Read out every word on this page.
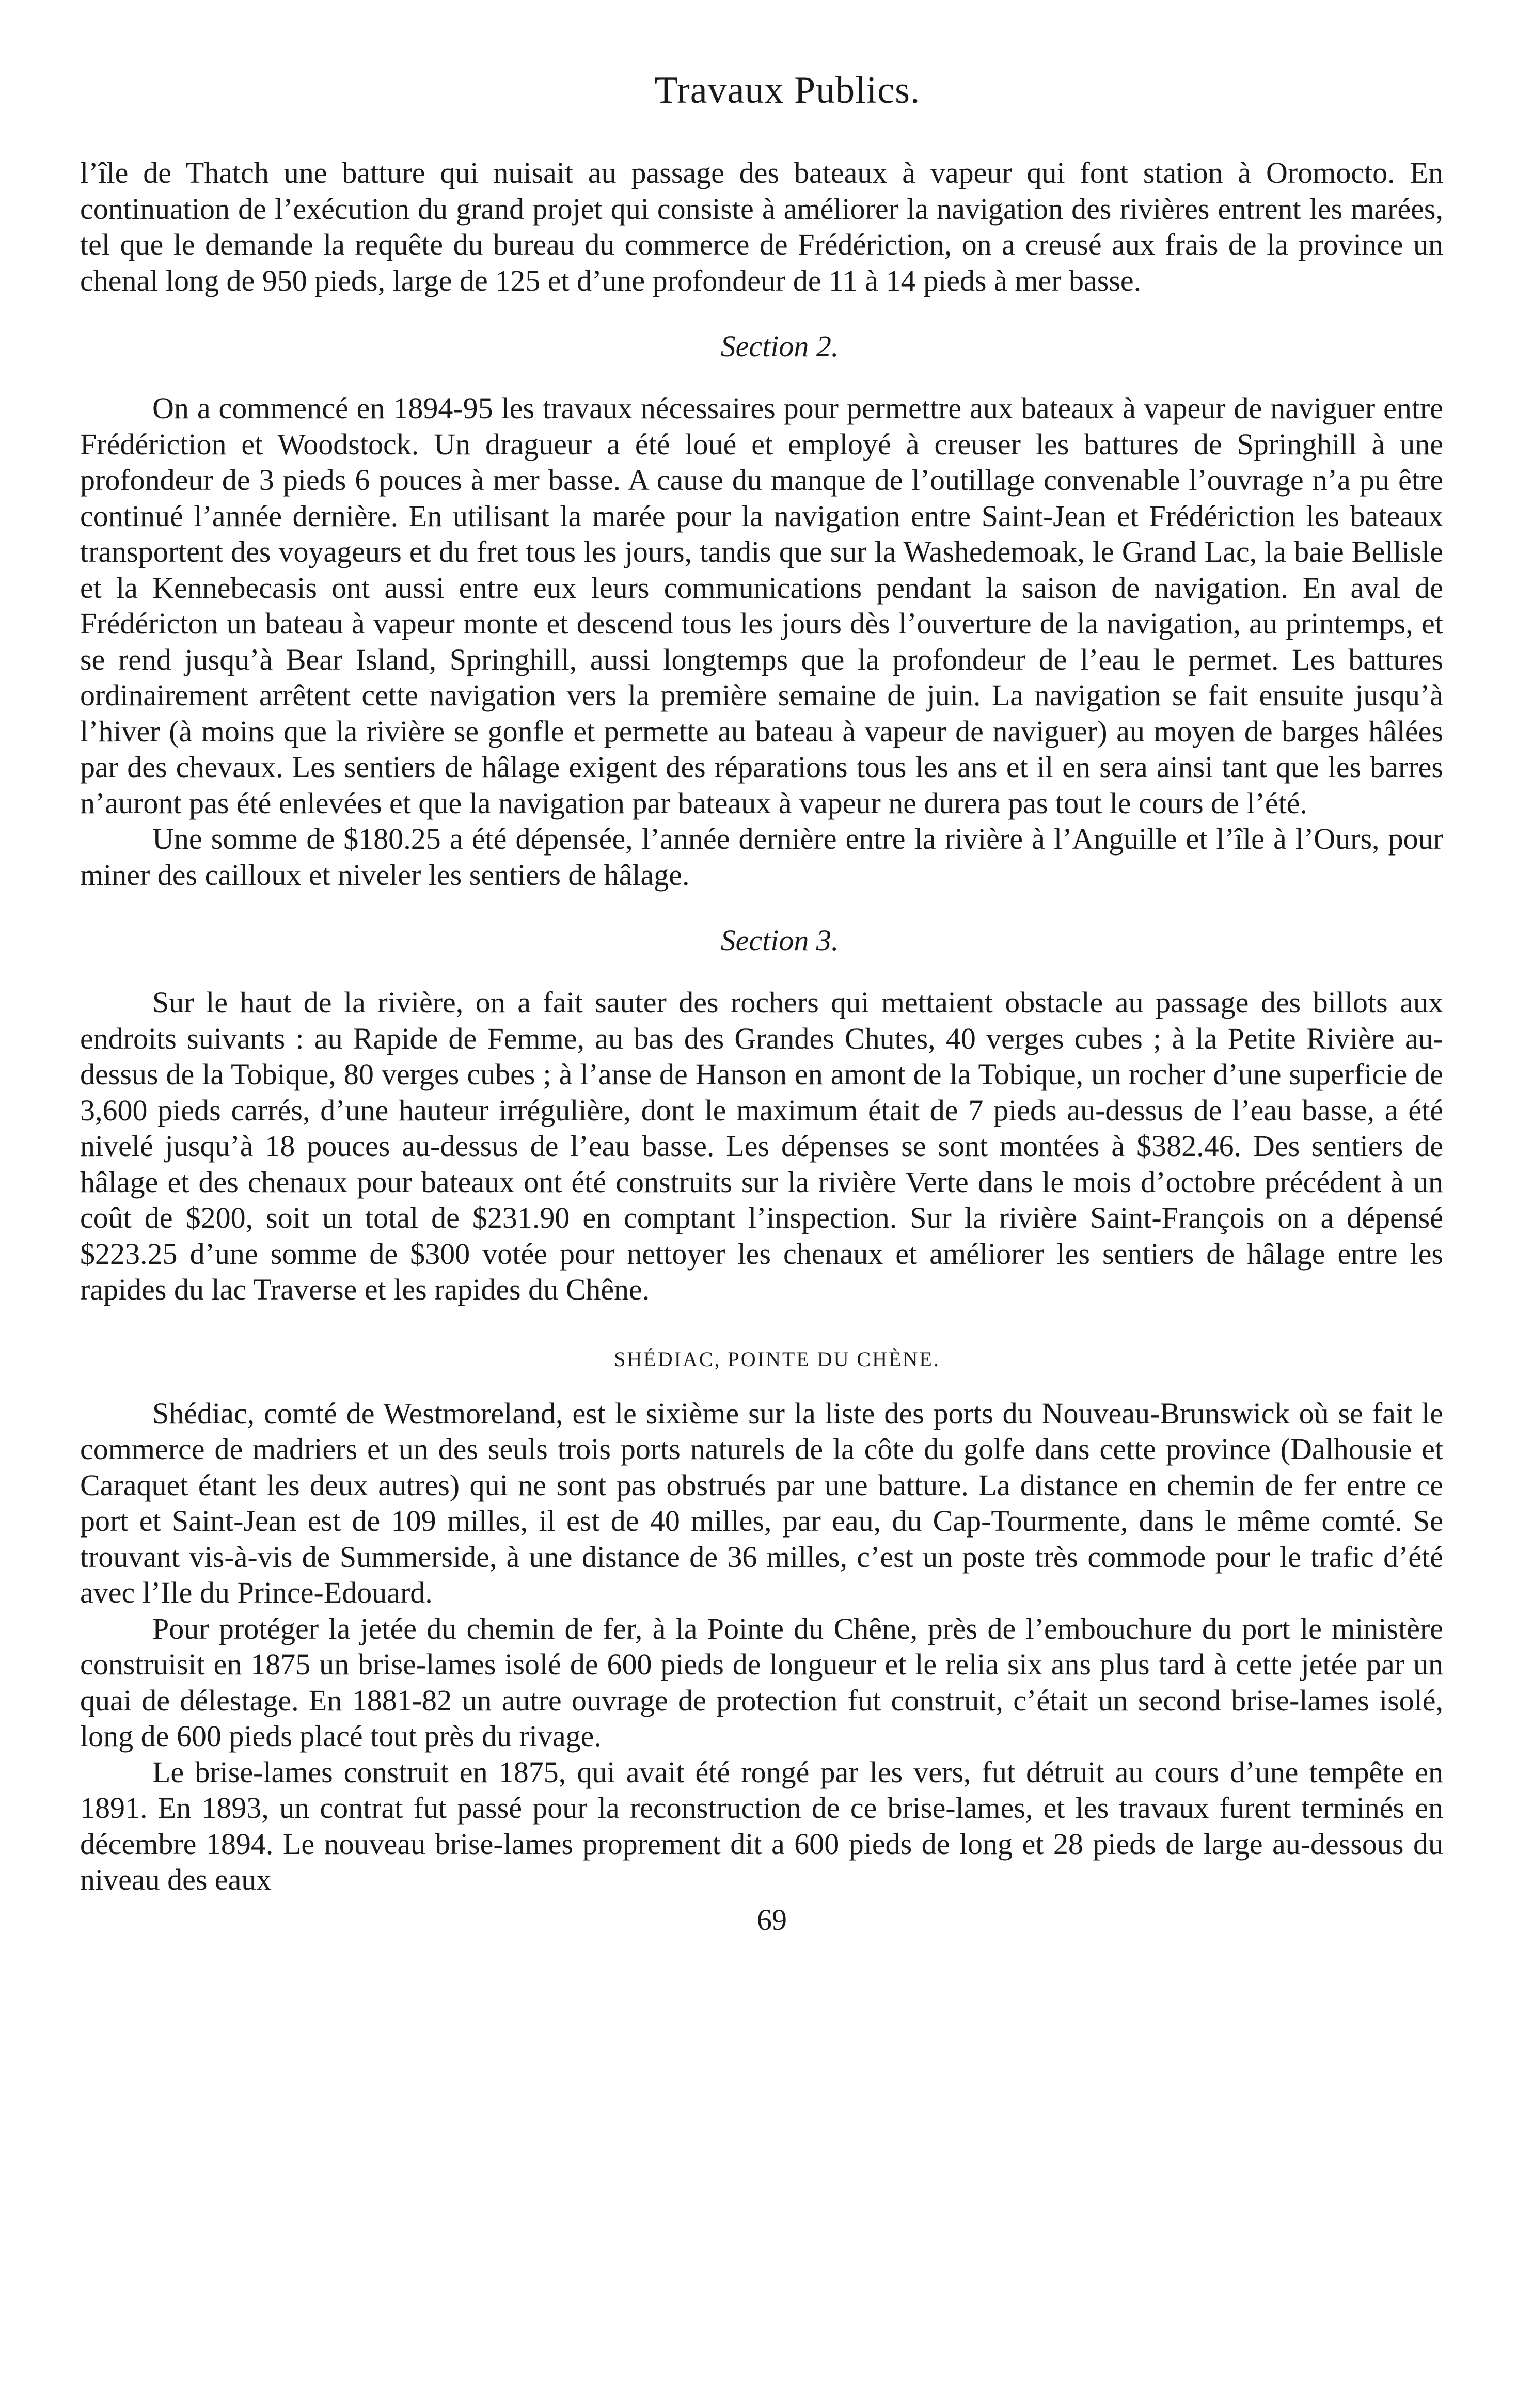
Travaux Publics.

l’île de Thatch une batture qui nuisait au passage des bateaux à vapeur qui font station à Oromocto. En continuation de l’exécution du grand projet qui consiste à améliorer la navigation des rivières entrent les marées, tel que le demande la requête du bureau du commerce de Frédériction, on a creusé aux frais de la province un chenal long de 950 pieds, large de 125 et d’une profondeur de 11 à 14 pieds à mer basse.

Section 2.

On a commencé en 1894-95 les travaux nécessaires pour permettre aux bateaux à vapeur de naviguer entre Frédériction et Woodstock. Un dragueur a été loué et employé à creuser les battures de Springhill à une profondeur de 3 pieds 6 pouces à mer basse. A cause du manque de l’outillage convenable l’ouvrage n’a pu être continué l’année dernière. En utilisant la marée pour la navigation entre Saint-Jean et Frédériction les bateaux transportent des voyageurs et du fret tous les jours, tandis que sur la Washedemoak, le Grand Lac, la baie Bellisle et la Kennebecasis ont aussi entre eux leurs communications pendant la saison de navigation. En aval de Frédéricton un bateau à vapeur monte et descend tous les jours dès l’ouverture de la navigation, au printemps, et se rend jusqu’à Bear Island, Springhill, aussi longtemps que la profondeur de l’eau le permet. Les battures ordinairement arrêtent cette navigation vers la première semaine de juin. La navigation se fait ensuite jusqu’à l’hiver (à moins que la rivière se gonfle et permette au bateau à vapeur de naviguer) au moyen de barges hâlées par des chevaux. Les sentiers de hâlage exigent des réparations tous les ans et il en sera ainsi tant que les barres n’auront pas été enlevées et que la navigation par bateaux à vapeur ne durera pas tout le cours de l’été.

Une somme de $180.25 a été dépensée, l’année dernière entre la rivière à l’Anguille et l’île à l’Ours, pour miner des cailloux et niveler les sentiers de hâlage.

Section 3.

Sur le haut de la rivière, on a fait sauter des rochers qui mettaient obstacle au passage des billots aux endroits suivants : au Rapide de Femme, au bas des Grandes Chutes, 40 verges cubes ; à la Petite Rivière au-dessus de la Tobique, 80 verges cubes ; à l’anse de Hanson en amont de la Tobique, un rocher d’une superficie de 3,600 pieds carrés, d’une hauteur irrégulière, dont le maximum était de 7 pieds au-dessus de l’eau basse, a été nivelé jusqu’à 18 pouces au-dessus de l’eau basse. Les dépenses se sont montées à $382.46. Des sentiers de hâlage et des chenaux pour bateaux ont été construits sur la rivière Verte dans le mois d’octobre précédent à un coût de $200, soit un total de $231.90 en comptant l’inspection. Sur la rivière Saint-François on a dépensé $223.25 d’une somme de $300 votée pour nettoyer les chenaux et améliorer les sentiers de hâlage entre les rapides du lac Traverse et les rapides du Chêne.

SHÉDIAC, POINTE DU CHÈNE.

Shédiac, comté de Westmoreland, est le sixième sur la liste des ports du Nouveau-Brunswick où se fait le commerce de madriers et un des seuls trois ports naturels de la côte du golfe dans cette province (Dalhousie et Caraquet étant les deux autres) qui ne sont pas obstrués par une batture. La distance en chemin de fer entre ce port et Saint-Jean est de 109 milles, il est de 40 milles, par eau, du Cap-Tourmente, dans le même comté. Se trouvant vis-à-vis de Summerside, à une distance de 36 milles, c’est un poste très commode pour le trafic d’été avec l’Ile du Prince-Edouard.

Pour protéger la jetée du chemin de fer, à la Pointe du Chêne, près de l’embouchure du port le ministère construisit en 1875 un brise-lames isolé de 600 pieds de longueur et le relia six ans plus tard à cette jetée par un quai de délestage. En 1881-82 un autre ouvrage de protection fut construit, c’était un second brise-lames isolé, long de 600 pieds placé tout près du rivage.

Le brise-lames construit en 1875, qui avait été rongé par les vers, fut détruit au cours d’une tempête en 1891. En 1893, un contrat fut passé pour la reconstruction de ce brise-lames, et les travaux furent terminés en décembre 1894. Le nouveau brise-lames proprement dit a 600 pieds de long et 28 pieds de large au-dessous du niveau des eaux

69
